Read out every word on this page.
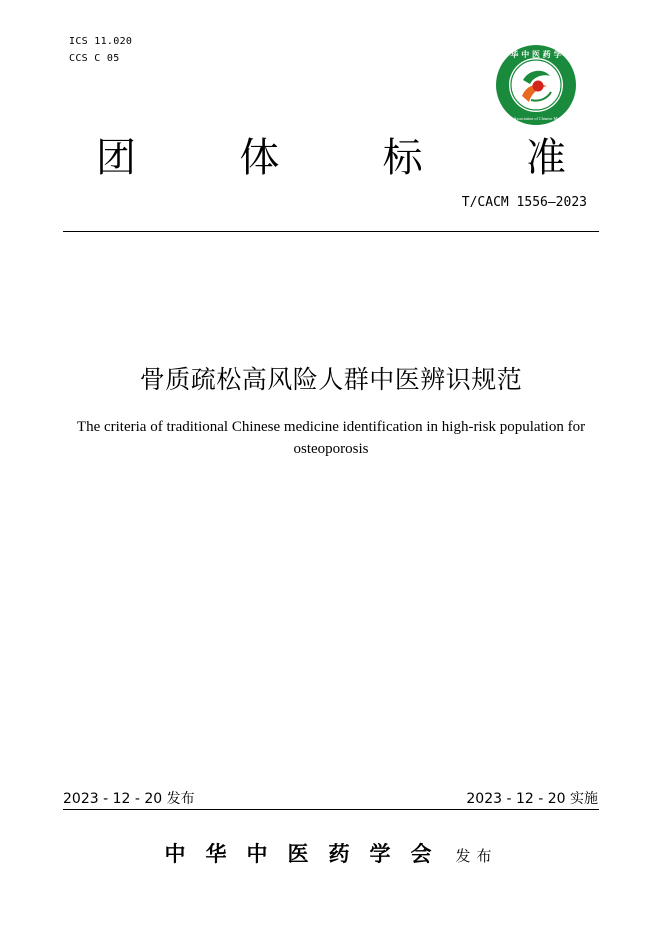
ICS 11.020
CCS C 05	中 华 中 医 药 学 会
China Association of Chinese Medicine
团	体	标	准
T/CACM 1556—2023
骨质疏松高风险人群中医辨识规范
The criteria of traditional Chinese medicine identification in high-risk population for
osteoporosis
2023 - 12 - 20 发布	2023 - 12 - 20 实施
中华中医药学会 发布
